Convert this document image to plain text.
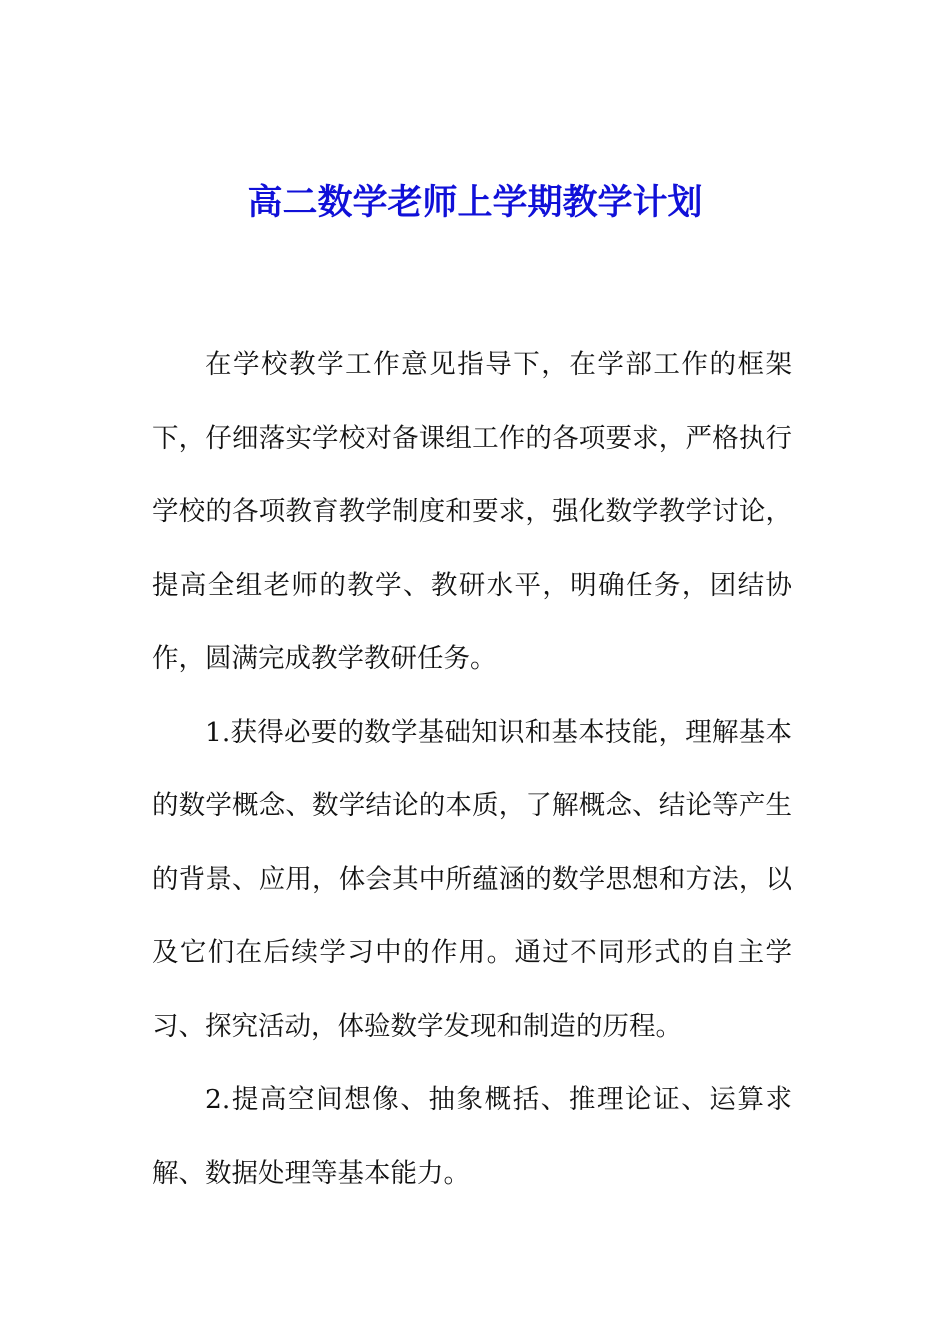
高二数学老师上学期教学计划

在学校教学工作意见指导下，在学部工作的框架下，仔细落实学校对备课组工作的各项要求，严格执行学校的各项教育教学制度和要求，强化数学教学讨论，提高全组老师的教学、教研水平，明确任务，团结协作，圆满完成教学教研任务。

1.获得必要的数学基础知识和基本技能，理解基本的数学概念、数学结论的本质，了解概念、结论等产生的背景、应用，体会其中所蕴涵的数学思想和方法，以及它们在后续学习中的作用。通过不同形式的自主学习、探究活动，体验数学发现和制造的历程。

2.提高空间想像、抽象概括、推理论证、运算求解、数据处理等基本能力。
